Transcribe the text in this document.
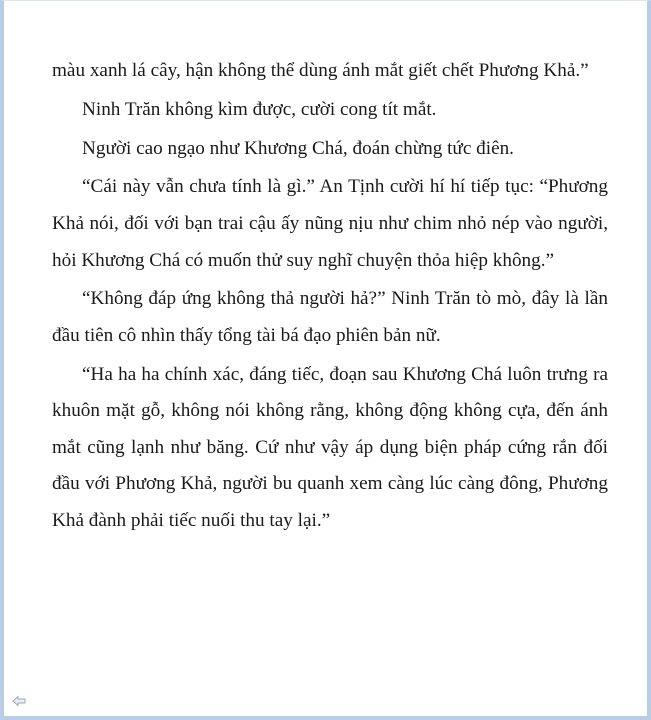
màu xanh lá cây, hận không thể dùng ánh mắt giết chết Phương Khả.”

Ninh Trăn không kìm được, cười cong tít mắt.

Người cao ngạo như Khương Chá, đoán chừng tức điên.

“Cái này vẫn chưa tính là gì.” An Tịnh cười hí hí tiếp tục: “Phương Khả nói, đối với bạn trai cậu ấy nũng nịu như chim nhỏ nép vào người, hỏi Khương Chá có muốn thử suy nghĩ chuyện thỏa hiệp không.”

“Không đáp ứng không thả người hả?” Ninh Trăn tò mò, đây là lần đầu tiên cô nhìn thấy tổng tài bá đạo phiên bản nữ.

“Ha ha ha chính xác, đáng tiếc, đoạn sau Khương Chá luôn trưng ra khuôn mặt gỗ, không nói không rằng, không động không cựa, đến ánh mắt cũng lạnh như băng. Cứ như vậy áp dụng biện pháp cứng rắn đối đầu với Phương Khả, người bu quanh xem càng lúc càng đông, Phương Khả đành phải tiếc nuối thu tay lại.”
